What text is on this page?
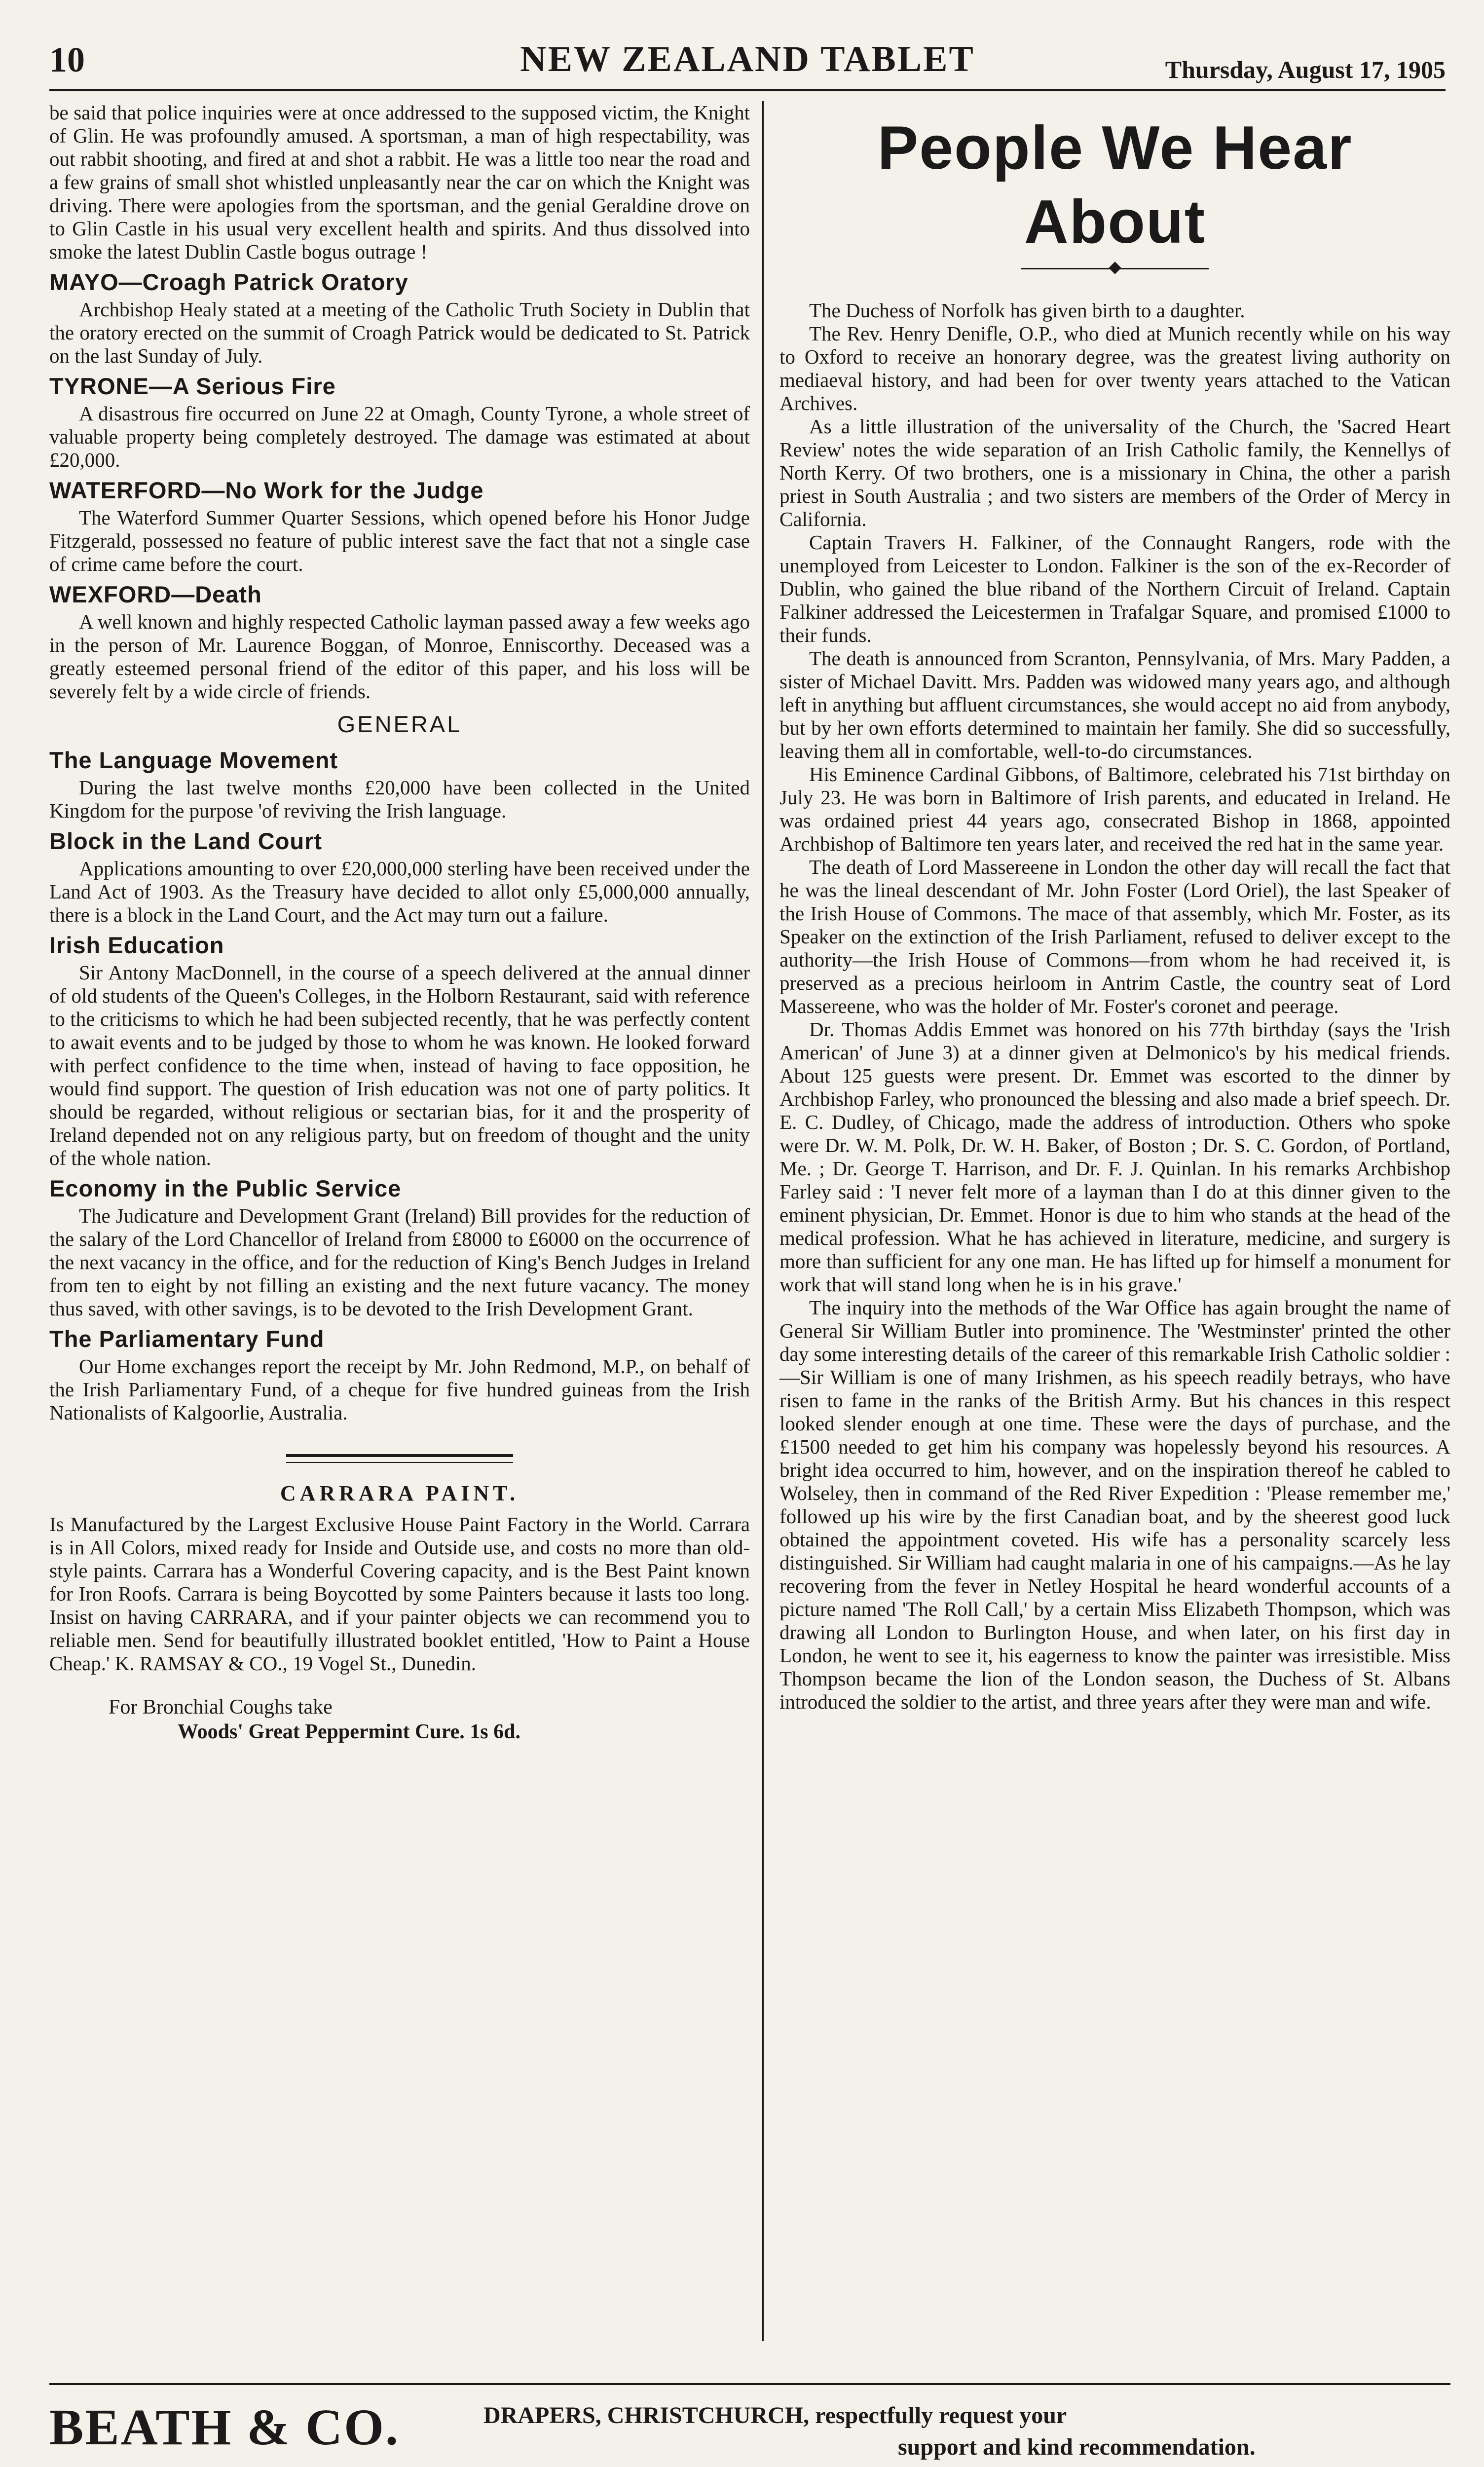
10	NEW ZEALAND TABLET	Thursday, August 17, 1905

be said that police inquiries were at once addressed to the supposed victim, the Knight of Glin. He was profoundly amused. A sportsman, a man of high respectability, was out rabbit shooting, and fired at and shot a rabbit. He was a little too near the road and a few grains of small shot whistled unpleasantly near the car on which the Knight was driving. There were apologies from the sportsman, and the genial Geraldine drove on to Glin Castle in his usual very excellent health and spirits. And thus dissolved into smoke the latest Dublin Castle bogus outrage !

MAYO—Croagh Patrick Oratory

Archbishop Healy stated at a meeting of the Catholic Truth Society in Dublin that the oratory erected on the summit of Croagh Patrick would be dedicated to St. Patrick on the last Sunday of July.

TYRONE—A Serious Fire

A disastrous fire occurred on June 22 at Omagh, County Tyrone, a whole street of valuable property being completely destroyed. The damage was estimated at about £20,000.

WATERFORD—No Work for the Judge

The Waterford Summer Quarter Sessions, which opened before his Honor Judge Fitzgerald, possessed no feature of public interest save the fact that not a single case of crime came before the court.

WEXFORD—Death

A well known and highly respected Catholic layman passed away a few weeks ago in the person of Mr. Laurence Boggan, of Monroe, Enniscorthy. Deceased was a greatly esteemed personal friend of the editor of this paper, and his loss will be severely felt by a wide circle of friends.

GENERAL
The Language Movement

During the last twelve months £20,000 have been collected in the United Kingdom for the purpose 'of reviving the Irish language.

Block in the Land Court

Applications amounting to over £20,000,000 sterling have been received under the Land Act of 1903. As the Treasury have decided to allot only £5,000,000 annually, there is a block in the Land Court, and the Act may turn out a failure.

Irish Education

Sir Antony MacDonnell, in the course of a speech delivered at the annual dinner of old students of the Queen's Colleges, in the Holborn Restaurant, said with reference to the criticisms to which he had been subjected recently, that he was perfectly content to await events and to be judged by those to whom he was known. He looked forward with perfect confidence to the time when, instead of having to face opposition, he would find support. The question of Irish education was not one of party politics. It should be regarded, without religious or sectarian bias, for it and the prosperity of Ireland depended not on any religious party, but on freedom of thought and the unity of the whole nation.

Economy in the Public Service

The Judicature and Development Grant (Ireland) Bill provides for the reduction of the salary of the Lord Chancellor of Ireland from £8000 to £6000 on the occurrence of the next vacancy in the office, and for the reduction of King's Bench Judges in Ireland from ten to eight by not filling an existing and the next future vacancy. The money thus saved, with other savings, is to be devoted to the Irish Development Grant.

The Parliamentary Fund

Our Home exchanges report the receipt by Mr. John Redmond, M.P., on behalf of the Irish Parliamentary Fund, of a cheque for five hundred guineas from the Irish Nationalists of Kalgoorlie, Australia.

CARRARA PAINT.

Is Manufactured by the Largest Exclusive House Paint Factory in the World. Carrara is in All Colors, mixed ready for Inside and Outside use, and costs no more than old-style paints. Carrara has a Wonderful Covering capacity, and is the Best Paint known for Iron Roofs. Carrara is being Boycotted by some Painters because it lasts too long. Insist on having CARRARA, and if your painter objects we can recommend you to reliable men. Send for beautifully illustrated booklet entitled, 'How to Paint a House Cheap.' K. RAMSAY & CO., 19 Vogel St., Dunedin.

For Bronchial Coughs take
Woods' Great Peppermint Cure. 1s 6d.
People We Hear About

The Duchess of Norfolk has given birth to a daughter.

The Rev. Henry Denifle, O.P., who died at Munich recently while on his way to Oxford to receive an honorary degree, was the greatest living authority on mediaeval history, and had been for over twenty years attached to the Vatican Archives.

As a little illustration of the universality of the Church, the 'Sacred Heart Review' notes the wide separation of an Irish Catholic family, the Kennellys of North Kerry. Of two brothers, one is a missionary in China, the other a parish priest in South Australia ; and two sisters are members of the Order of Mercy in California.

Captain Travers H. Falkiner, of the Connaught Rangers, rode with the unemployed from Leicester to London. Falkiner is the son of the ex-Recorder of Dublin, who gained the blue riband of the Northern Circuit of Ireland. Captain Falkiner addressed the Leicestermen in Trafalgar Square, and promised £1000 to their funds.

The death is announced from Scranton, Pennsylvania, of Mrs. Mary Padden, a sister of Michael Davitt. Mrs. Padden was widowed many years ago, and although left in anything but affluent circumstances, she would accept no aid from anybody, but by her own efforts determined to maintain her family. She did so successfully, leaving them all in comfortable, well-to-do circumstances.

His Eminence Cardinal Gibbons, of Baltimore, celebrated his 71st birthday on July 23. He was born in Baltimore of Irish parents, and educated in Ireland. He was ordained priest 44 years ago, consecrated Bishop in 1868, appointed Archbishop of Baltimore ten years later, and received the red hat in the same year.

The death of Lord Massereene in London the other day will recall the fact that he was the lineal descendant of Mr. John Foster (Lord Oriel), the last Speaker of the Irish House of Commons. The mace of that assembly, which Mr. Foster, as its Speaker on the extinction of the Irish Parliament, refused to deliver except to the authority—the Irish House of Commons—from whom he had received it, is preserved as a precious heirloom in Antrim Castle, the country seat of Lord Massereene, who was the holder of Mr. Foster's coronet and peerage.

Dr. Thomas Addis Emmet was honored on his 77th birthday (says the 'Irish American' of June 3) at a dinner given at Delmonico's by his medical friends. About 125 guests were present. Dr. Emmet was escorted to the dinner by Archbishop Farley, who pronounced the blessing and also made a brief speech. Dr. E. C. Dudley, of Chicago, made the address of introduction. Others who spoke were Dr. W. M. Polk, Dr. W. H. Baker, of Boston ; Dr. S. C. Gordon, of Portland, Me. ; Dr. George T. Harrison, and Dr. F. J. Quinlan. In his remarks Archbishop Farley said : 'I never felt more of a layman than I do at this dinner given to the eminent physician, Dr. Emmet. Honor is due to him who stands at the head of the medical profession. What he has achieved in literature, medicine, and surgery is more than sufficient for any one man. He has lifted up for himself a monument for work that will stand long when he is in his grave.'

The inquiry into the methods of the War Office has again brought the name of General Sir William Butler into prominence. The 'Westminster' printed the other day some interesting details of the career of this remarkable Irish Catholic soldier :—Sir William is one of many Irishmen, as his speech readily betrays, who have risen to fame in the ranks of the British Army. But his chances in this respect looked slender enough at one time. These were the days of purchase, and the £1500 needed to get him his company was hopelessly beyond his resources. A bright idea occurred to him, however, and on the inspiration thereof he cabled to Wolseley, then in command of the Red River Expedition : 'Please remember me,' followed up his wire by the first Canadian boat, and by the sheerest good luck obtained the appointment coveted. His wife has a personality scarcely less distinguished. Sir William had caught malaria in one of his campaigns.—As he lay recovering from the fever in Netley Hospital he heard wonderful accounts of a picture named 'The Roll Call,' by a certain Miss Elizabeth Thompson, which was drawing all London to Burlington House, and when later, on his first day in London, he went to see it, his eagerness to know the painter was irresistible. Miss Thompson became the lion of the London season, the Duchess of St. Albans introduced the soldier to the artist, and three years after they were man and wife.

BEATH & CO.	DRAPERS, CHRISTCHURCH, respectfully request your
support and kind recommendation.
